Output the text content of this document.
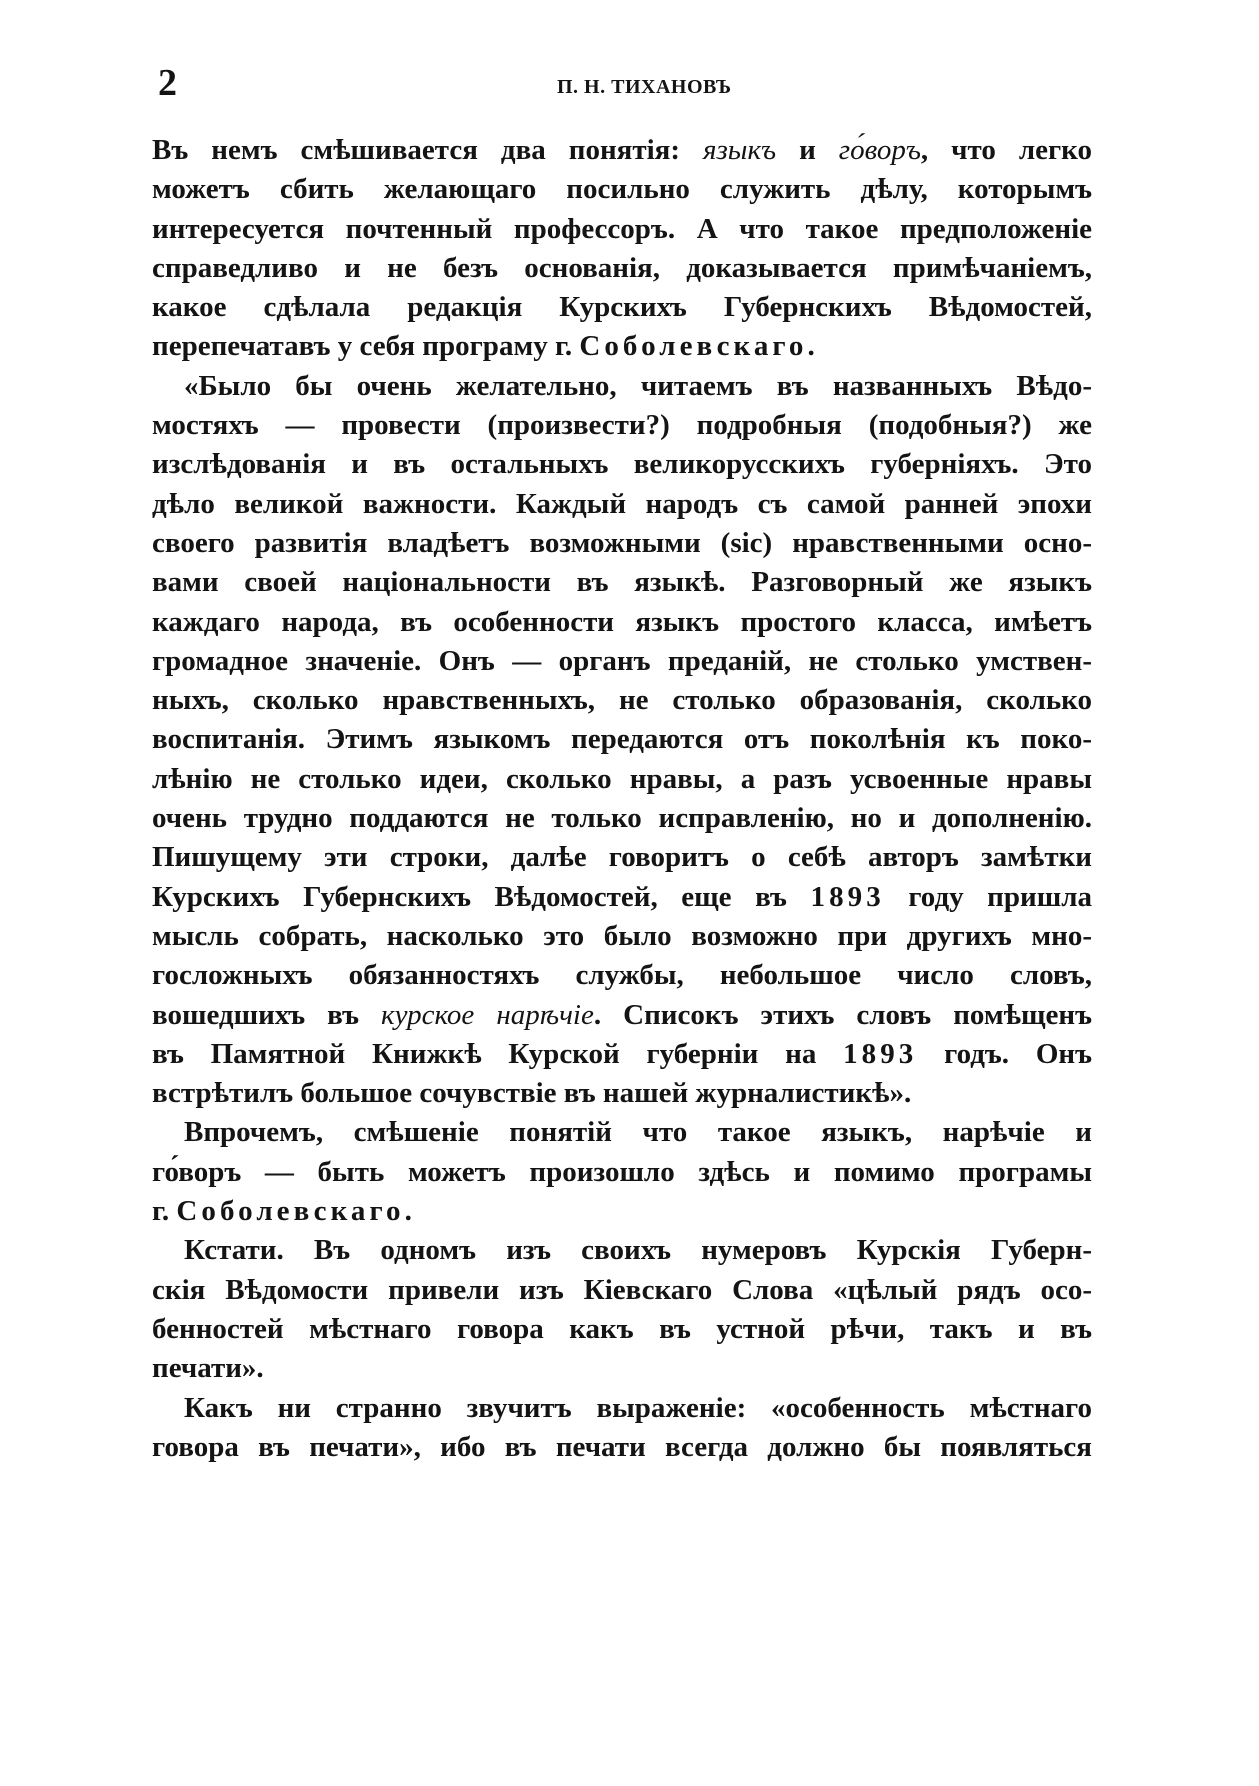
2	П. Н. ТИХАНОВЪ
Въ немъ смѣшивается два понятія: языкъ и го́воръ, что легко
можетъ сбить желающаго посильно служить дѣлу, которымъ
интересуется почтенный профессоръ. А что такое предположеніе
справедливо и не безъ основанія, доказывается примѣчаніемъ,
какое сдѣлала редакція Курскихъ Губернскихъ Вѣдомостей,
перепечатавъ у себя програму г. Соболевскаго.
«Было бы очень желательно, читаемъ въ названныхъ Вѣдо-
мостяхъ — провести (произвести?) подробныя (подобныя?) же
изслѣдованія и въ остальныхъ великорусскихъ губерніяхъ. Это
дѣло великой важности. Каждый народъ съ самой ранней эпохи
своего развитія владѣетъ возможными (sic) нравственными осно-
вами своей національности въ языкѣ. Разговорный же языкъ
каждаго народа, въ особенности языкъ простого класса, имѣетъ
громадное значеніе. Онъ — органъ преданій, не столько умствен-
ныхъ, сколько нравственныхъ, не столько образованія, сколько
воспитанія. Этимъ языкомъ передаются отъ поколѣнія къ поко-
лѣнію не столько идеи, сколько нравы, а разъ усвоенные нравы
очень трудно поддаются не только исправленію, но и дополненію.
Пишущему эти строки, далѣе говоритъ о себѣ авторъ замѣтки
Курскихъ Губернскихъ Вѣдомостей, еще въ 1893 году пришла
мысль собрать, насколько это было возможно при другихъ мно-
госложныхъ обязанностяхъ службы, небольшое число словъ,
вошедшихъ въ курское нарѣчіе. Списокъ этихъ словъ помѣщенъ
въ Памятной Книжкѣ Курской губерніи на 1893 годъ. Онъ
встрѣтилъ большое сочувствіе въ нашей журналистикѣ».
Впрочемъ, смѣшеніе понятій что такое языкъ, нарѣчіе и
го́воръ — быть можетъ произошло здѣсь и помимо програмы
г. Соболевскаго.
Кстати. Въ одномъ изъ своихъ нумеровъ Курскія Губерн-
скія Вѣдомости привели изъ Кіевскаго Слова «цѣлый рядъ осо-
бенностей мѣстнаго говора какъ въ устной рѣчи, такъ и въ
печати».
Какъ ни странно звучитъ выраженіе: «особенность мѣстнаго
говора въ печати», ибо въ печати всегда должно бы появляться
